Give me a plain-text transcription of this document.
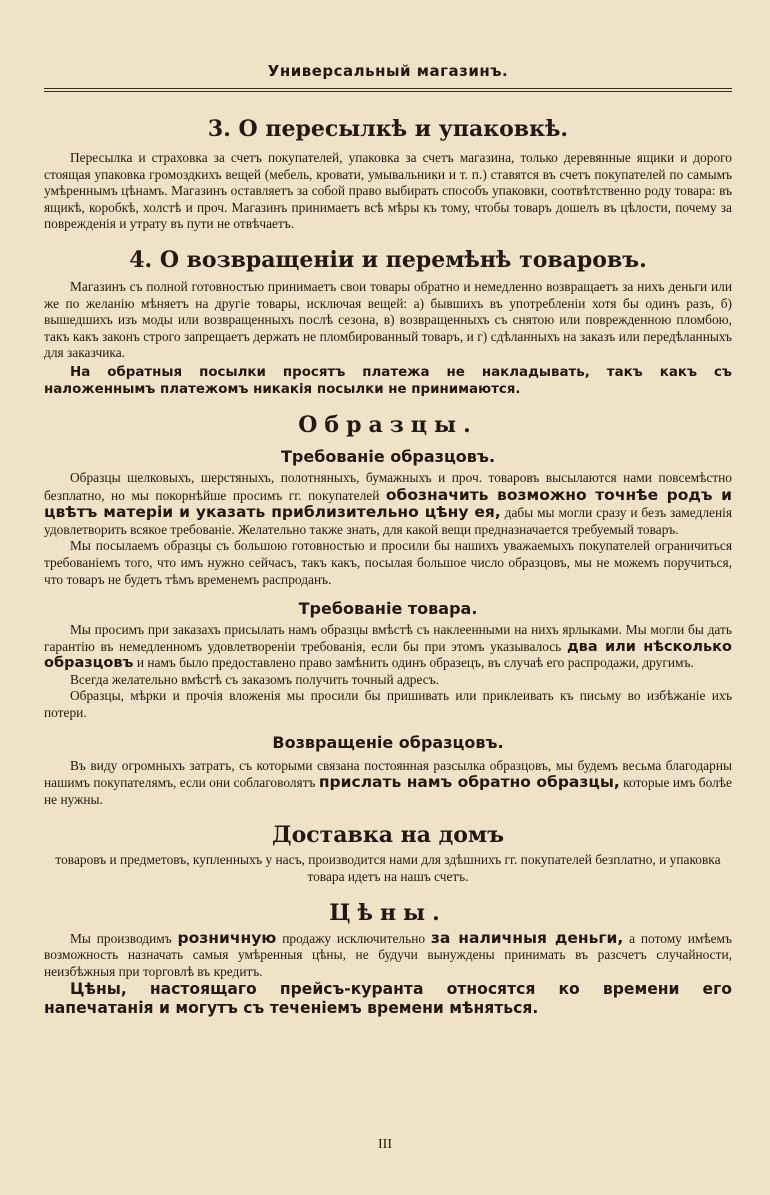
Универсальный магазинъ.
3. О пересылкѣ и упаковкѣ.

Пересылка и страховка за счетъ покупателей, упаковка за счетъ магазина, только деревянные ящики и дорого стоящая упаковка громоздкихъ вещей (мебель, кровати, умывальники и т. п.) ставятся въ счетъ покупателей по самымъ умѣреннымъ цѣнамъ. Магазинъ оставляетъ за собой право выбирать способъ упаковки, соотвѣтственно роду товара: въ ящикѣ, коробкѣ, холстѣ и проч. Магазинъ принимаетъ всѣ мѣры къ тому, чтобы товаръ дошелъ въ цѣлости, почему за поврежденія и утрату въ пути не отвѣчаетъ.

4. О возвращеніи и перемѣнѣ товаровъ.

Магазинъ съ полной готовностью принимаетъ свои товары обратно и немедленно возвращаетъ за нихъ деньги или же по желанію мѣняетъ на другіе товары, исключая вещей: а) бывшихъ въ употребленіи хотя бы одинъ разъ, б) вышедшихъ изъ моды или возвращенныхъ послѣ сезона, в) возвращенныхъ съ снятою или поврежденною пломбою, такъ какъ законъ строго запрещаетъ держать не пломбированный товаръ, и г) сдѣланныхъ на заказъ или передѣланныхъ для заказчика.

На обратныя посылки просятъ платежа не накладывать, такъ какъ съ наложеннымъ платежомъ никакія посылки не принимаются.

Образцы.
Требованіе образцовъ.

Образцы шелковыхъ, шерстяныхъ, полотняныхъ, бумажныхъ и проч. товаровъ высылаются нами повсемѣстно безплатно, но мы покорнѣйше просимъ гг. покупателей обозначить возможно точнѣе родъ и цвѣтъ матеріи и указать приблизительно цѣну ея, дабы мы могли сразу и безъ замедленія удовлетворить всякое требованіе. Желательно также знать, для какой вещи предназначается требуемый товаръ.

Мы посылаемъ образцы съ большою готовностью и просили бы нашихъ уважаемыхъ покупателей ограничиться требованіемъ того, что имъ нужно сейчасъ, такъ какъ, посылая большое число образцовъ, мы не можемъ поручиться, что товаръ не будетъ тѣмъ временемъ распроданъ.

Требованіе товара.

Мы просимъ при заказахъ присылать намъ образцы вмѣстѣ съ наклеенными на нихъ ярлыками. Мы могли бы дать гарантію въ немедленномъ удовлетвореніи требованія, если бы при этомъ указывалось два или нѣсколько образцовъ и намъ было предоставлено право замѣнить одинъ образецъ, въ случаѣ его распродажи, другимъ.

Всегда желательно вмѣстѣ съ заказомъ получить точный адресъ.

Образцы, мѣрки и прочія вложенія мы просили бы пришивать или приклеивать къ письму во избѣжаніе ихъ потери.

Возвращеніе образцовъ.

Въ виду огромныхъ затратъ, съ которыми связана постоянная разсылка образцовъ, мы будемъ весьма благодарны нашимъ покупателямъ, если они соблаговолятъ прислать намъ обратно образцы, которые имъ болѣе не нужны.

Доставка на домъ

товаровъ и предметовъ, купленныхъ у насъ, производится нами для здѣшнихъ гг. покупателей безплатно, и упаковка товара идетъ на нашъ счетъ.

Цѣны.

Мы производимъ розничную продажу исключительно за наличныя деньги, а потому имѣемъ возможность назначать самыя умѣренныя цѣны, не будучи вынуждены принимать въ разсчетъ случайности, неизбѣжныя при торговлѣ въ кредитъ.

Цѣны, настоящаго прейсъ-куранта относятся ко времени его напечатанія и могутъ съ теченіемъ времени мѣняться.

III
